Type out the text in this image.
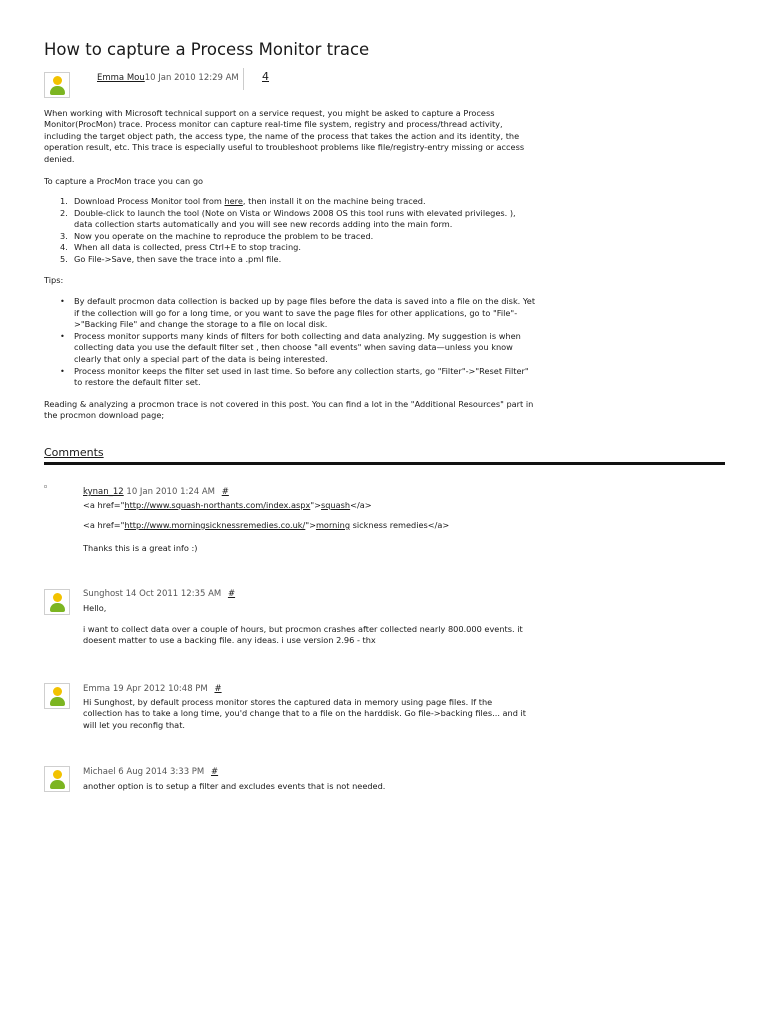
How to capture a Process Monitor trace
Emma Mou10 Jan 2010 12:29 AM 4

When working with Microsoft technical support on a service request, you might be asked to capture a Process Monitor(ProcMon) trace. Process monitor can capture real-time file system, registry and process/thread activity, including the target object path, the access type, the name of the process that takes the action and its identity, the operation result, etc. This trace is especially useful to troubleshoot problems like file/registry-entry missing or access denied.

To capture a ProcMon trace you can go

1. Download Process Monitor tool from here, then install it on the machine being traced.
2. Double-click to launch the tool (Note on Vista or Windows 2008 OS this tool runs with elevated privileges. ), data collection starts automatically and you will see new records adding into the main form.
3. Now you operate on the machine to reproduce the problem to be traced.
4. When all data is collected, press Ctrl+E to stop tracing.
5. Go File->Save, then save the trace into a .pml file.

Tips:

• By default procmon data collection is backed up by page files before the data is saved into a file on the disk. Yet if the collection will go for a long time, or you want to save the page files for other applications, go to "File"->"Backing File" and change the storage to a file on local disk.
• Process monitor supports many kinds of filters for both collecting and data analyzing. My suggestion is when collecting data you use the default filter set , then choose "all events" when saving data—unless you know clearly that only a special part of the data is being interested.
• Process monitor keeps the filter set used in last time. So before any collection starts, go "Filter"->"Reset Filter" to restore the default filter set.

Reading & analyzing a procmon trace is not covered in this post. You can find a lot in the "Additional Resources" part in the procmon download page;

Comments
kynan_12 10 Jan 2010 1:24 AM #

<a href="http://www.squash-northants.com/index.aspx">squash</a>

<a href="http://www.morningsicknessremedies.co.uk/">morning sickness remedies</a>

Thanks this is a great info :)

Sunghost 14 Oct 2011 12:35 AM #

Hello,

i want to collect data over a couple of hours, but procmon crashes after collected nearly 800.000 events. it doesent matter to use a backing file. any ideas. i use version 2.96 - thx

Emma 19 Apr 2012 10:48 PM #

Hi Sunghost, by default process monitor stores the captured data in memory using page files. If the collection has to take a long time, you'd change that to a file on the harddisk. Go file->backing files... and it will let you reconfig that.

Michael 6 Aug 2014 3:33 PM #

another option is to setup a filter and excludes events that is not needed.
